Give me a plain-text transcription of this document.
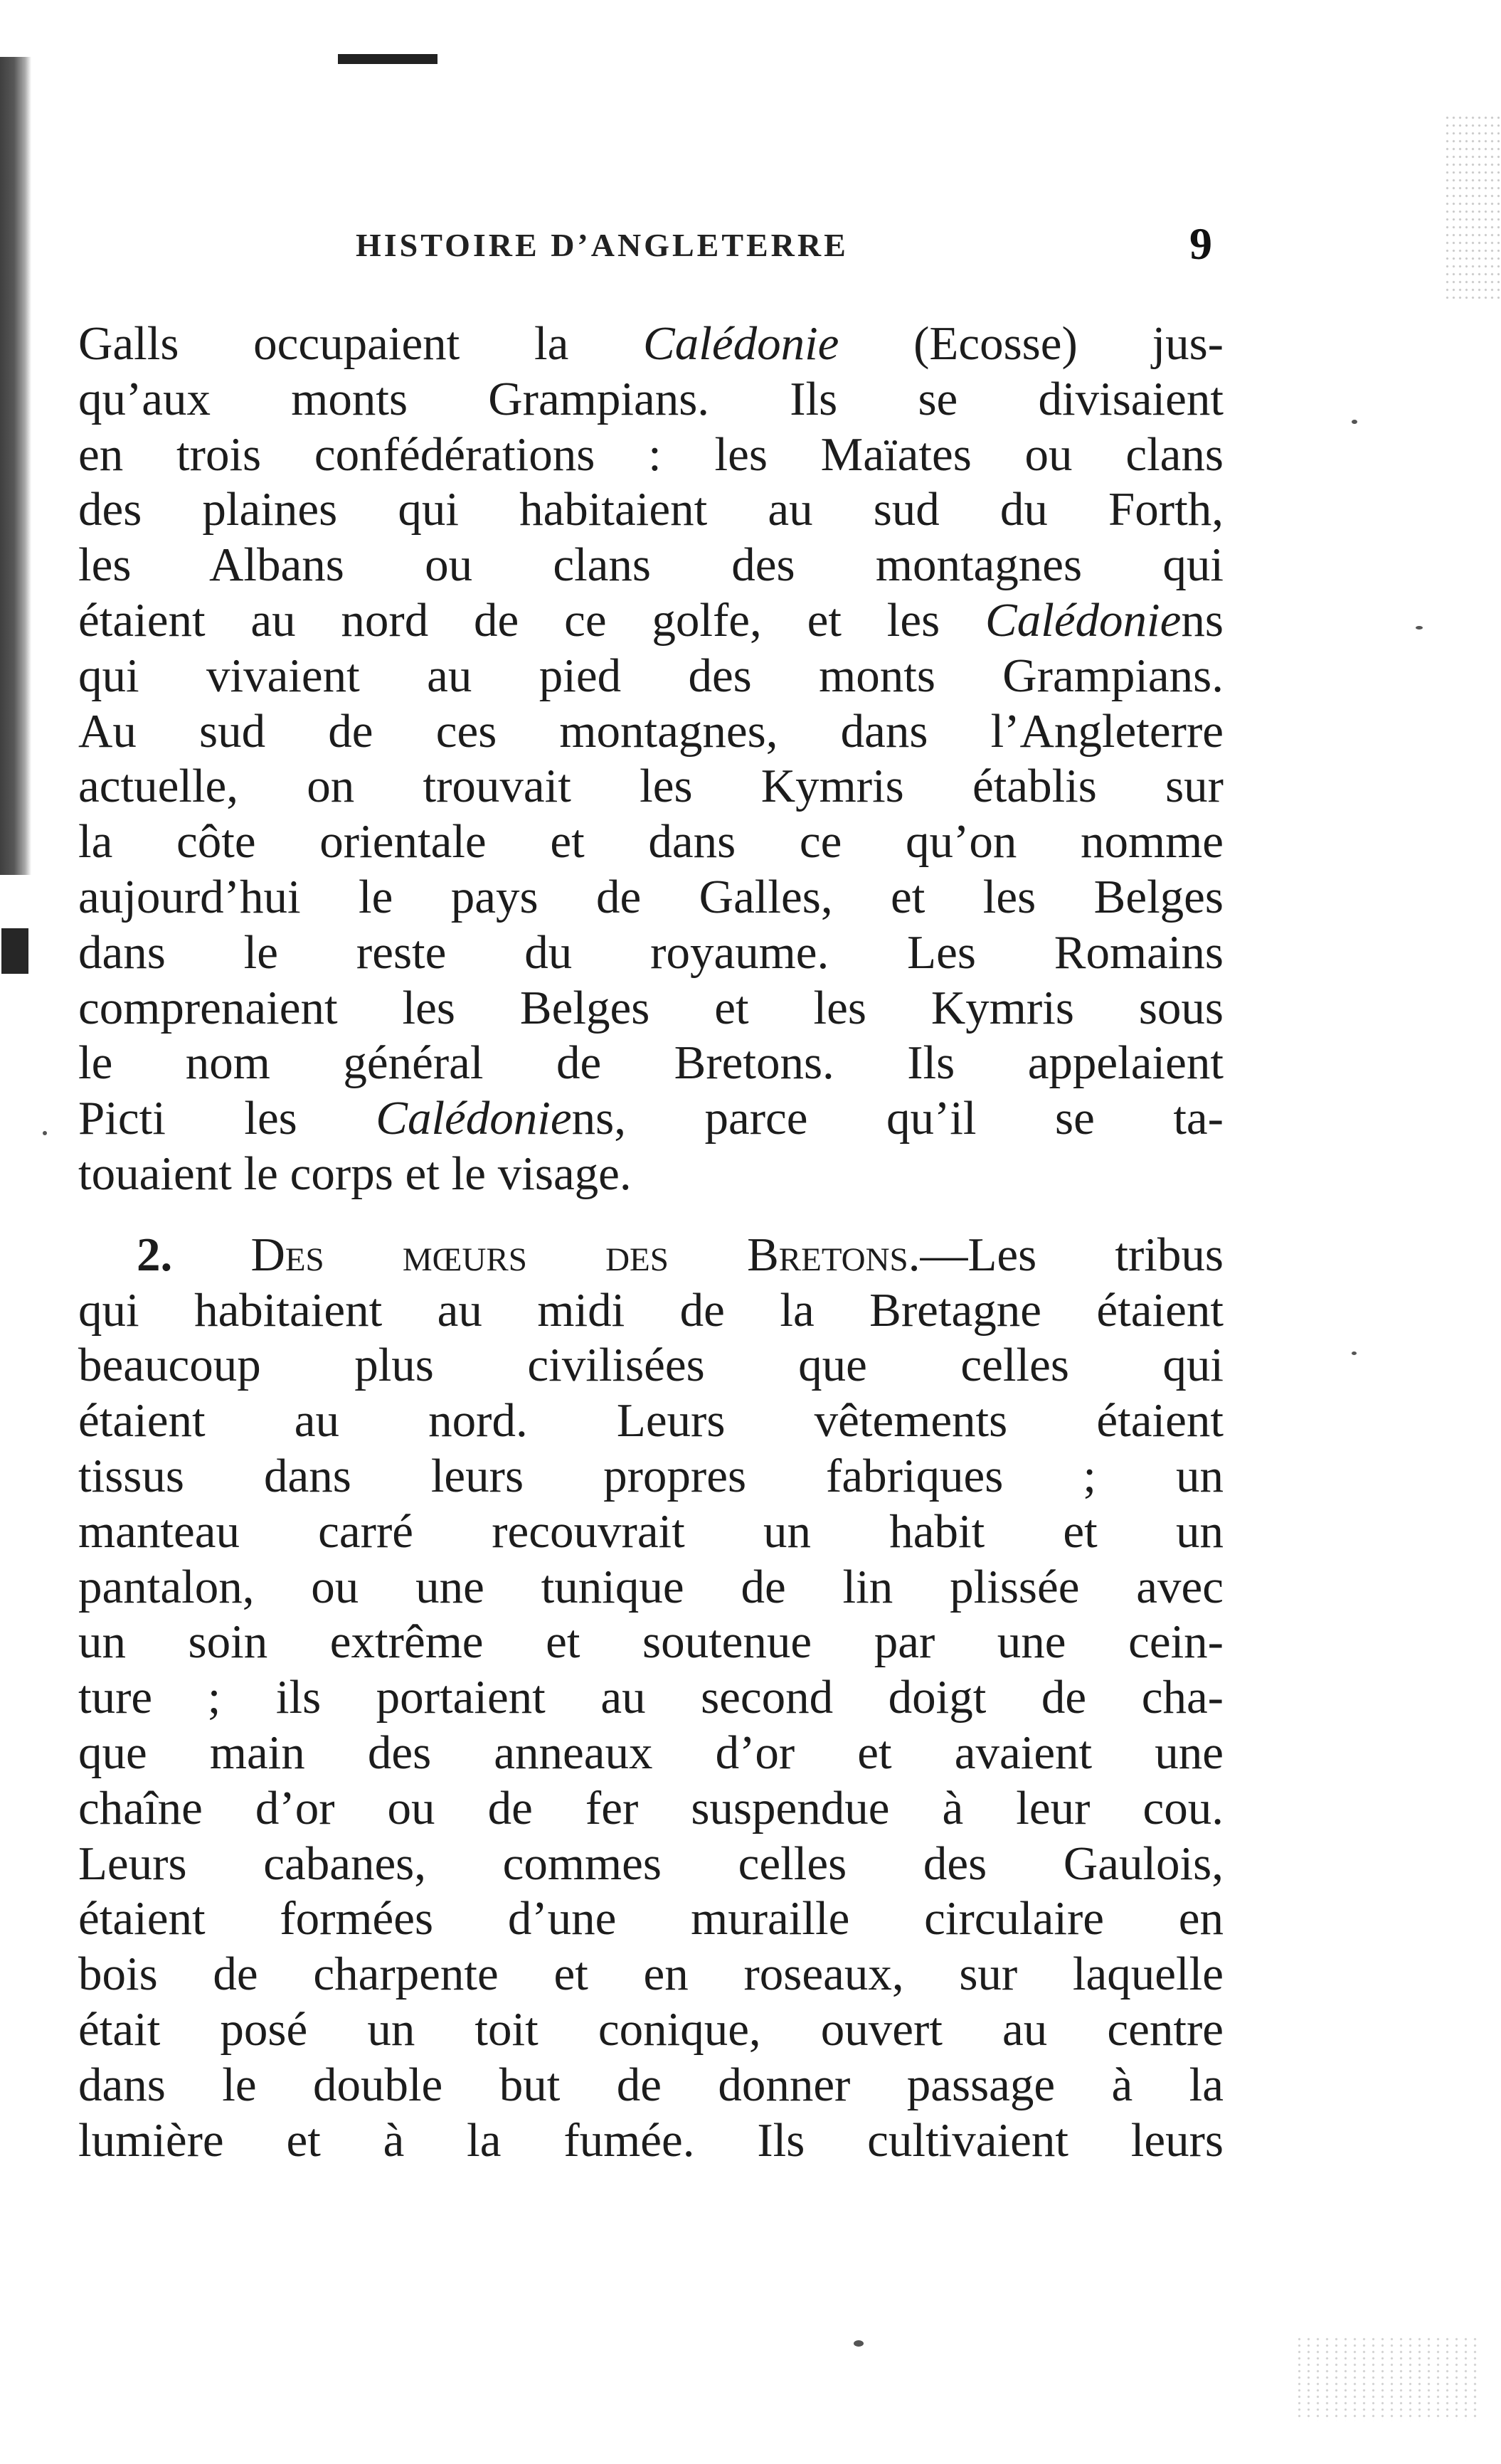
HISTOIRE D’ANGLETERRE	9
Galls occupaient la Calédonie (Ecosse) jus-
qu’aux monts Grampians. Ils se divisaient
en trois confédérations : les Maïates ou clans
des plaines qui habitaient au sud du Forth,
les Albans ou clans des montagnes qui
étaient au nord de ce golfe, et les Calédoniens
qui vivaient au pied des monts Grampians.
Au sud de ces montagnes, dans l’Angleterre
actuelle, on trouvait les Kymris établis sur
la côte orientale et dans ce qu’on nomme
aujourd’hui le pays de Galles, et les Belges
dans le reste du royaume. Les Romains
comprenaient les Belges et les Kymris sous
le nom général de Bretons. Ils appelaient
Picti les Calédoniens, parce qu’il se ta-
touaient le corps et le visage.
2. Des mœurs des Bretons.—Les tribus
qui habitaient au midi de la Bretagne étaient
beaucoup plus civilisées que celles qui
étaient au nord. Leurs vêtements étaient
tissus dans leurs propres fabriques ; un
manteau carré recouvrait un habit et un
pantalon, ou une tunique de lin plissée avec
un soin extrême et soutenue par une cein-
ture ; ils portaient au second doigt de cha-
que main des anneaux d’or et avaient une
chaîne d’or ou de fer suspendue à leur cou.
Leurs cabanes, commes celles des Gaulois,
étaient formées d’une muraille circulaire en
bois de charpente et en roseaux, sur laquelle
était posé un toit conique, ouvert au centre
dans le double but de donner passage à la
lumière et à la fumée. Ils cultivaient leurs
